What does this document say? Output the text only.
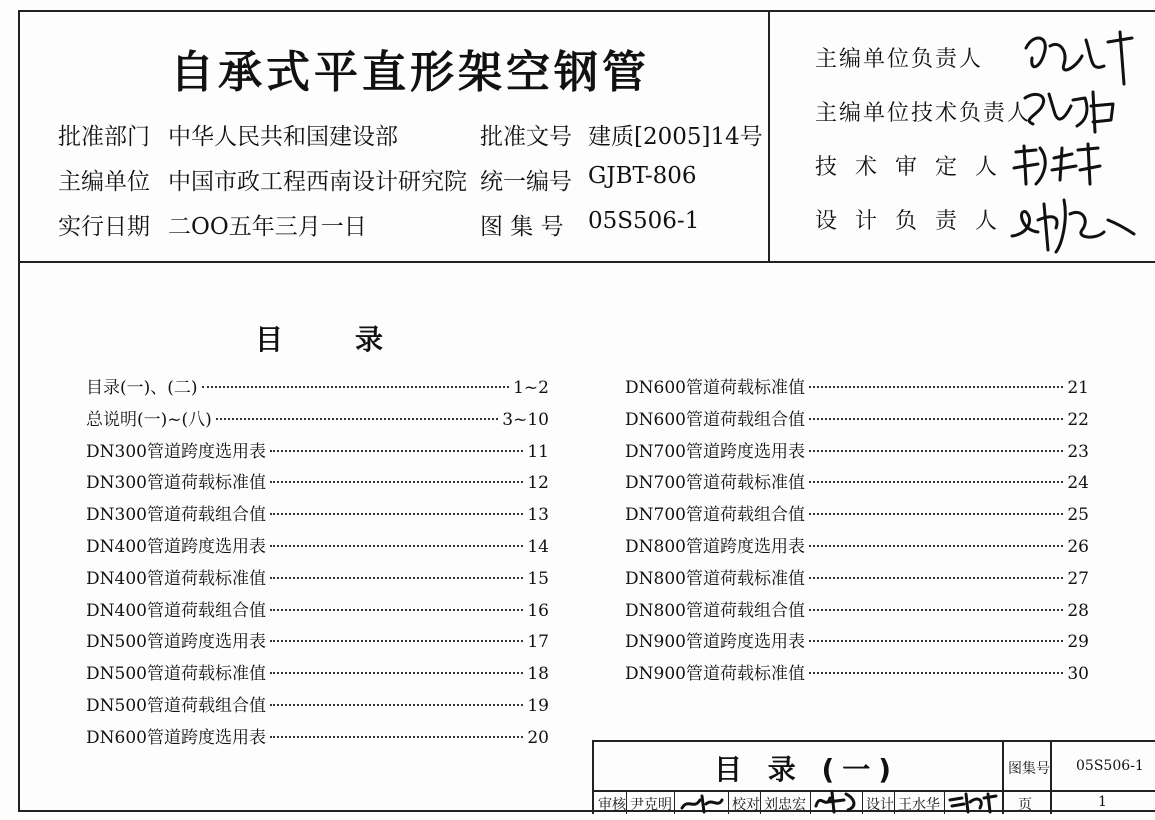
自承式平直形架空钢管
批准部门 中华人民共和国建设部
主编单位 中国市政工程西南设计研究院
实行日期 二OO五年三月一日
批准文号 建质[2005]14号
统一编号 GJBT-806
图 集 号 05S506-1
主编单位负责人
主编单位技术负责人
技术审定人
设计负责人
目录
目录(一)、(二)	1~2
总说明(一)~(八)	3~10
DN300管道跨度选用表	11
DN300管道荷载标准值	12
DN300管道荷载组合值	13
DN400管道跨度选用表	14
DN400管道荷载标准值	15
DN400管道荷载组合值	16
DN500管道跨度选用表	17
DN500管道荷载标准值	18
DN500管道荷载组合值	19
DN600管道跨度选用表	20
DN600管道荷载标准值	21
DN600管道荷载组合值	22
DN700管道跨度选用表	23
DN700管道荷载标准值	24
DN700管道荷载组合值	25
DN800管道跨度选用表	26
DN800管道荷载标准值	27
DN800管道荷载组合值	28
DN900管道跨度选用表	29
DN900管道荷载标准值	30
目 录 (一)	图集号 05S506-1
审核 尹克明	校对 刘忠宏	设计 王水华	页	1
